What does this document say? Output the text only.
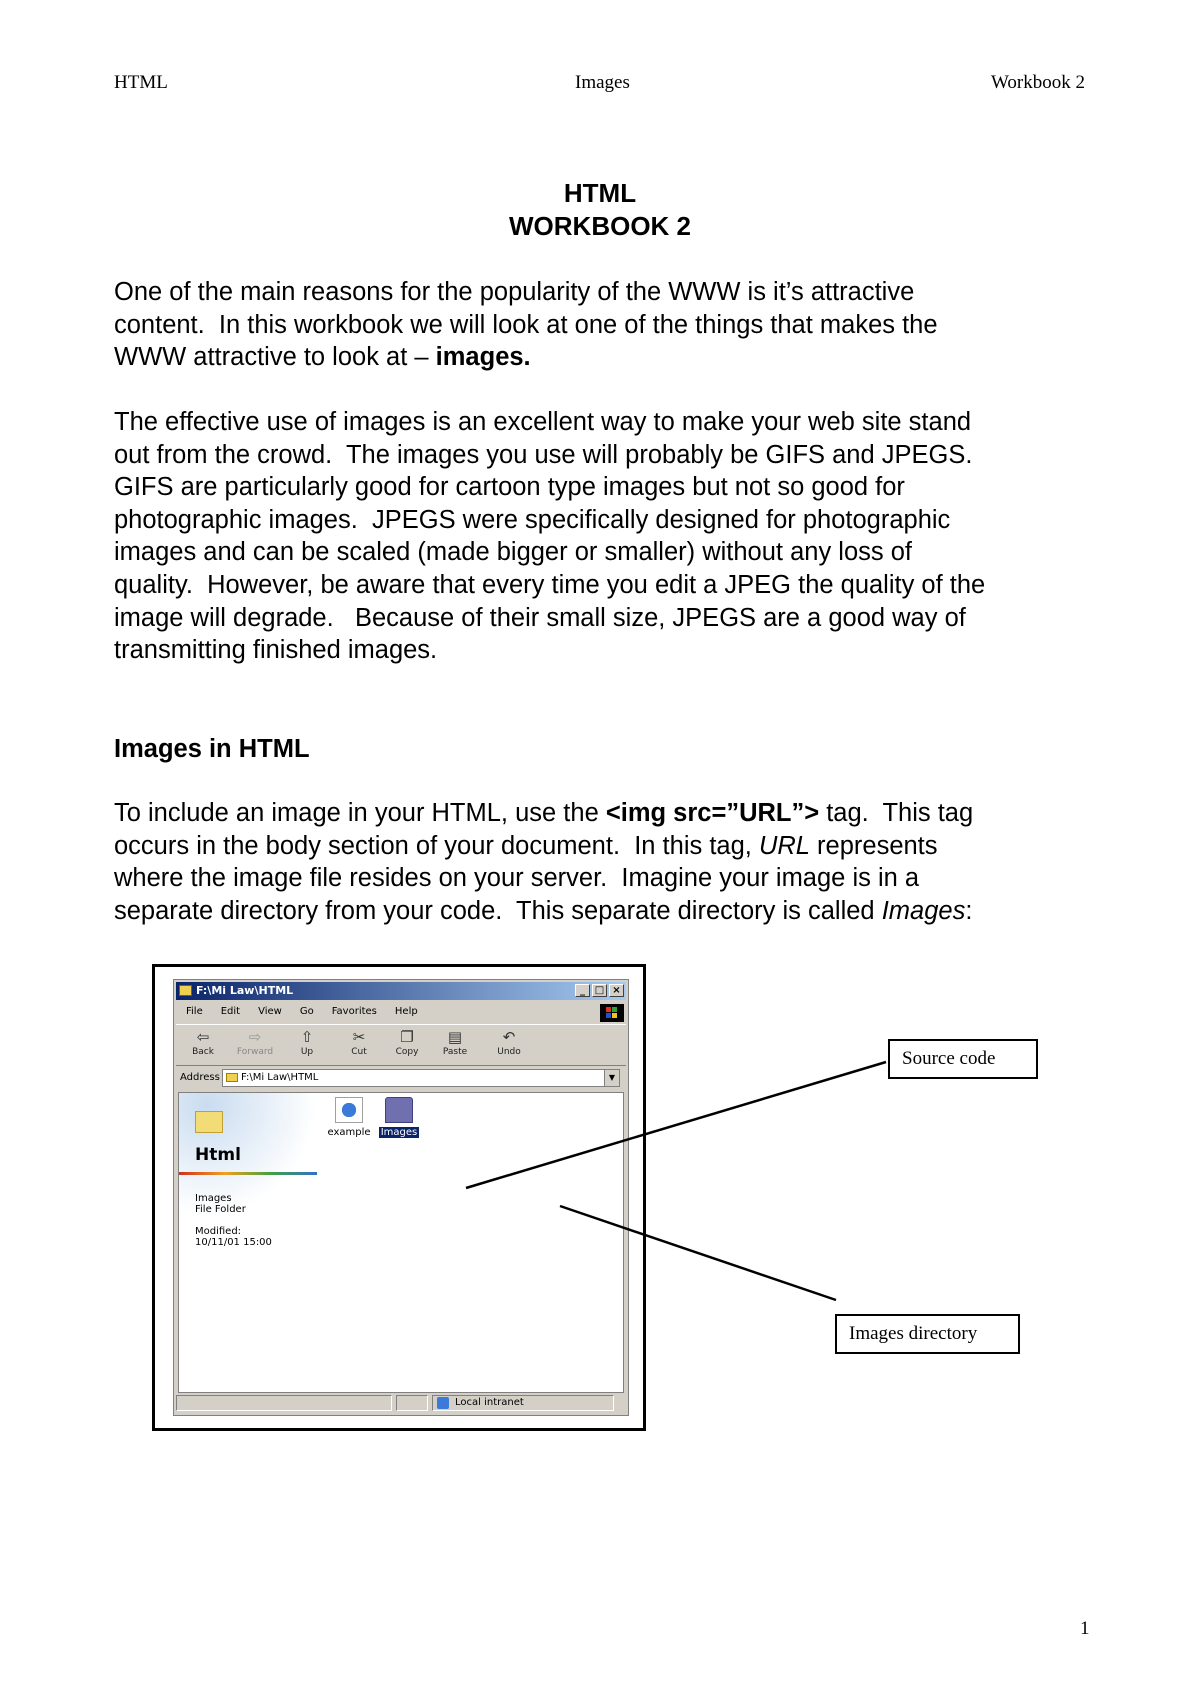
HTML	Images	Workbook 2
HTML
WORKBOOK 2
One of the main reasons for the popularity of the WWW is it’s attractive
content.  In this workbook we will look at one of the things that makes the
WWW attractive to look at – images.
The effective use of images is an excellent way to make your web site stand
out from the crowd.  The images you use will probably be GIFS and JPEGS.
GIFS are particularly good for cartoon type images but not so good for
photographic images.  JPEGS were specifically designed for photographic
images and can be scaled (made bigger or smaller) without any loss of
quality.  However, be aware that every time you edit a JPEG the quality of the
image will degrade.   Because of their small size, JPEGS are a good way of
transmitting finished images.
Images in HTML
To include an image in your HTML, use the <img src=”URL”> tag.  This tag
occurs in the body section of your document.  In this tag, URL represents
where the image file resides on your server.  Imagine your image is in a
separate directory from your code.  This separate directory is called Images:
F:\Mi Law\HTML	_ □ ×
File Edit View Go Favorites Help
⇦
Back
⇨
Forward
⇧
Up
✂
Cut
❐
Copy
▤
Paste
↶
Undo
Address	F:\Mi Law\HTML	▼
Html
Images
File Folder
Modified:
10/11/01 15:00
example	Images
Local intranet
Source code
Images directory
1
